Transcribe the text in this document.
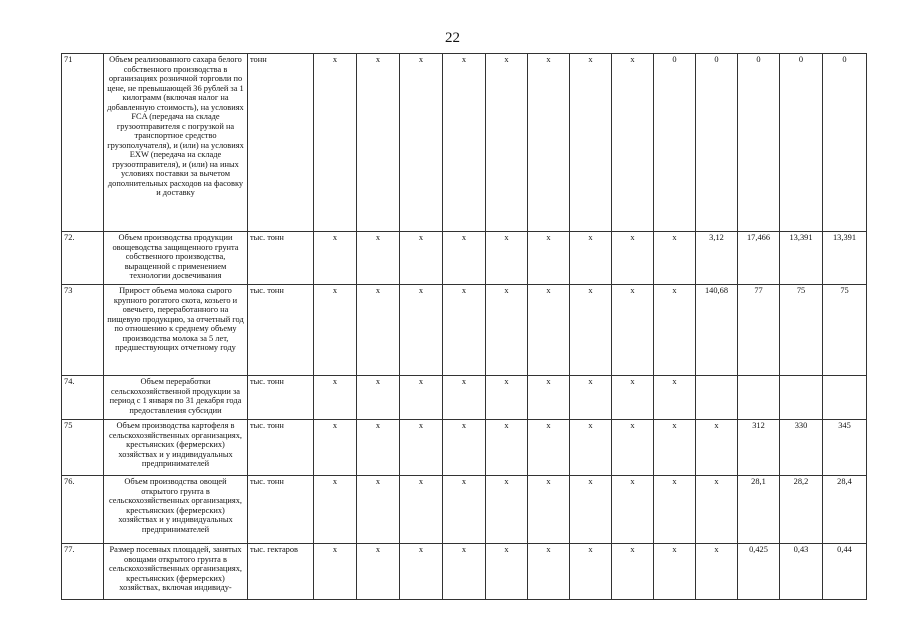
22
71	Объем реализованного сахара белого собственного производства в организациях розничной торговли по цене, не превышающей 36 рублей за 1 килограмм (включая налог на добавленную стоимость), на условиях FCA (передача на складе грузоотправителя с погрузкой на транспортное средство грузополучателя), и (или) на условиях EXW (передача на складе грузоотправителя), и (или) на иных условиях поставки за вычетом дополнительных расходов на фасовку и доставку	тонн	х	х	х	х	х	х	х	х	0	0	0	0	0
72.	Объем производства продукции овощеводства защищенного грунта собственного производства, выращенной с применением технологии досвечивания	тыс. тонн	х	х	х	х	х	х	х	х	х	3,12	17,466	13,391	13,391
73	Прирост объема молока сырого крупного рогатого скота, козьего и овечьего, переработанного на пищевую продукцию, за отчетный год по отношению к среднему объему производства молока за 5 лет, предшествующих отчетному году	тыс. тонн	х	х	х	х	х	х	х	х	х	140,68	77	75	75
74.	Объем переработки сельскохозяйственной продукции за период с 1 января по 31 декабря года предоставления субсидии	тыс. тонн	х	х	х	х	х	х	х	х	х				
75	Объем производства картофеля в сельскохозяйственных организациях, крестьянских (фермерских) хозяйствах и у индивидуальных предпринимателей	тыс. тонн	х	х	х	х	х	х	х	х	х	х	312	330	345
76.	Объем производства овощей открытого грунта в сельскохозяйственных организациях, крестьянских (фермерских) хозяйствах и у индивидуальных предпринимателей	тыс. тонн	х	х	х	х	х	х	х	х	х	х	28,1	28,2	28,4
77.	Размер посевных площадей, занятых овощами открытого грунта в сельскохозяйственных организациях, крестьянских (фермерских) хозяйствах, включая индивиду-	тыс. гектаров	х	х	х	х	х	х	х	х	х	х	0,425	0,43	0,44
